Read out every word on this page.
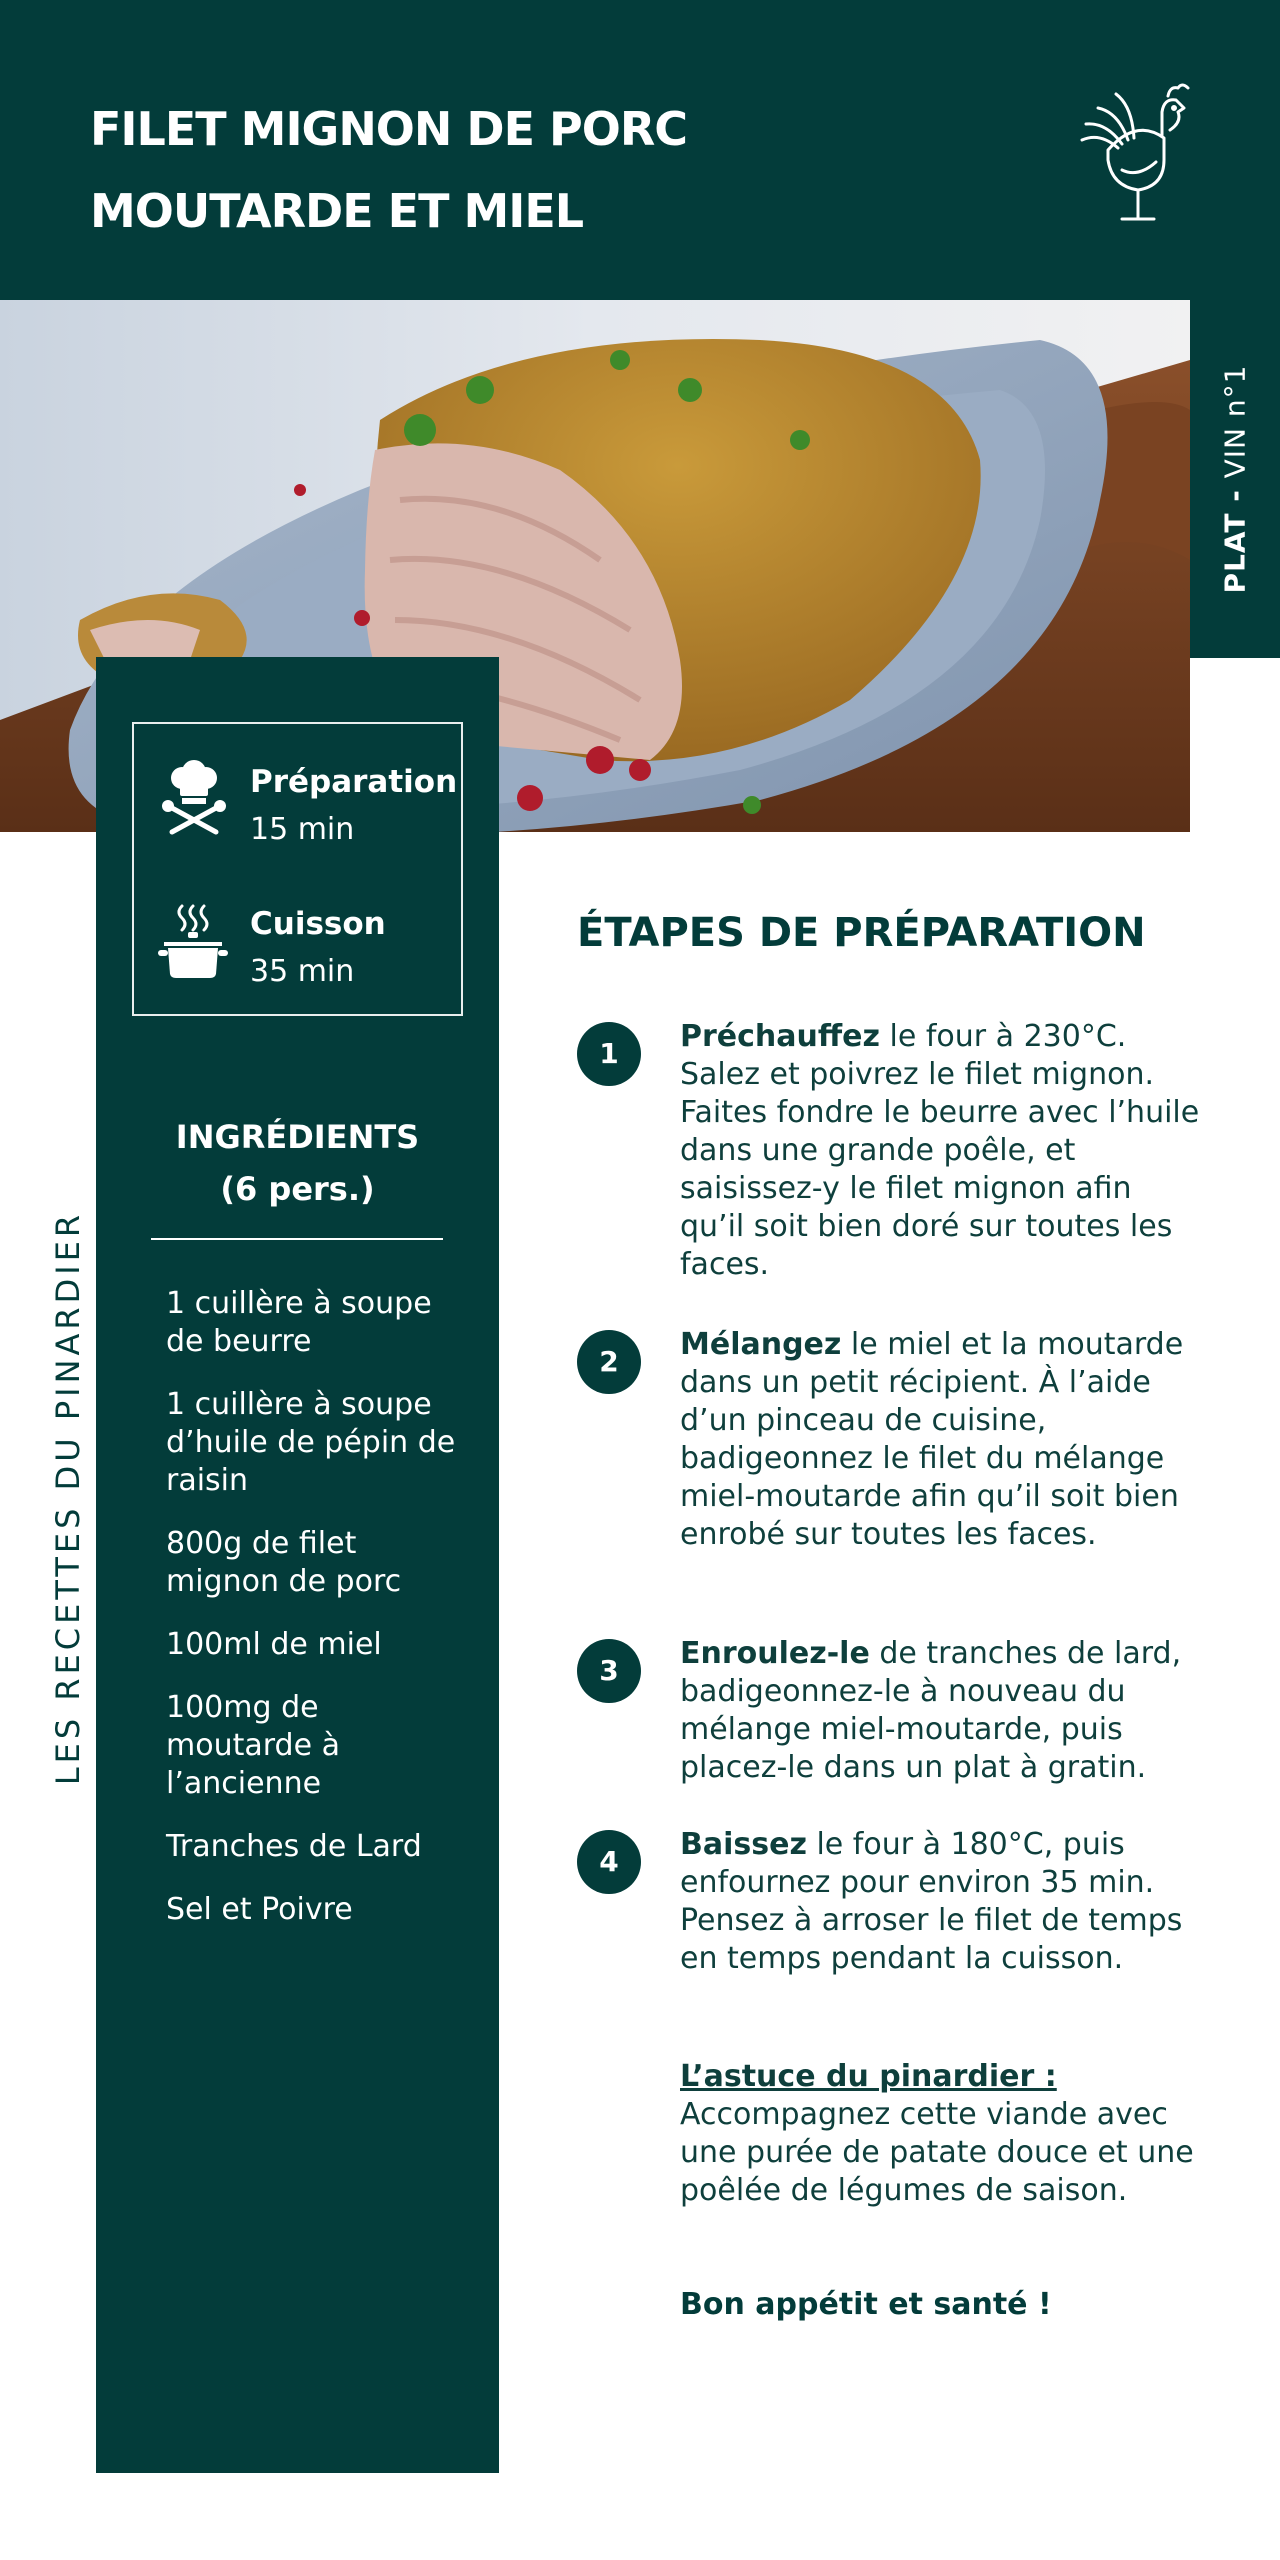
FILET MIGNON DE PORC
MOUTARDE ET MIEL
PLAT - VIN n°1
LES RECETTES DU PINARDIER
Préparation
15 min
Cuisson
35 min
INGRÉDIENTS
(6 pers.)
1 cuillère à soupe de beurre
1 cuillère à soupe d’huile de pépin de raisin
800g de filet mignon de porc
100ml de miel
100mg de moutarde à l’ancienne
Tranches de Lard
Sel et Poivre
ÉTAPES DE PRÉPARATION
1	Préchauffez le four à 230°C. Salez et poivrez le filet mignon. Faites fondre le beurre avec l’huile dans une grande poêle, et saisissez-y le filet mignon afin qu’il soit bien doré sur toutes les faces.

2	Mélangez le miel et la moutarde dans un petit récipient. À l’aide d’un pinceau de cuisine, badigeonnez le filet du mélange miel-moutarde afin qu’il soit bien enrobé sur toutes les faces.

3	Enroulez-le de tranches de lard, badigeonnez-le à nouveau du mélange miel-moutarde, puis placez-le dans un plat à gratin.

4	Baissez le four à 180°C, puis enfournez pour environ 35 min. Pensez à arroser le filet de temps en temps pendant la cuisson.

L’astuce du pinardier :
Accompagnez cette viande avec une purée de patate douce et une poêlée de légumes de saison.
Bon appétit et santé !
